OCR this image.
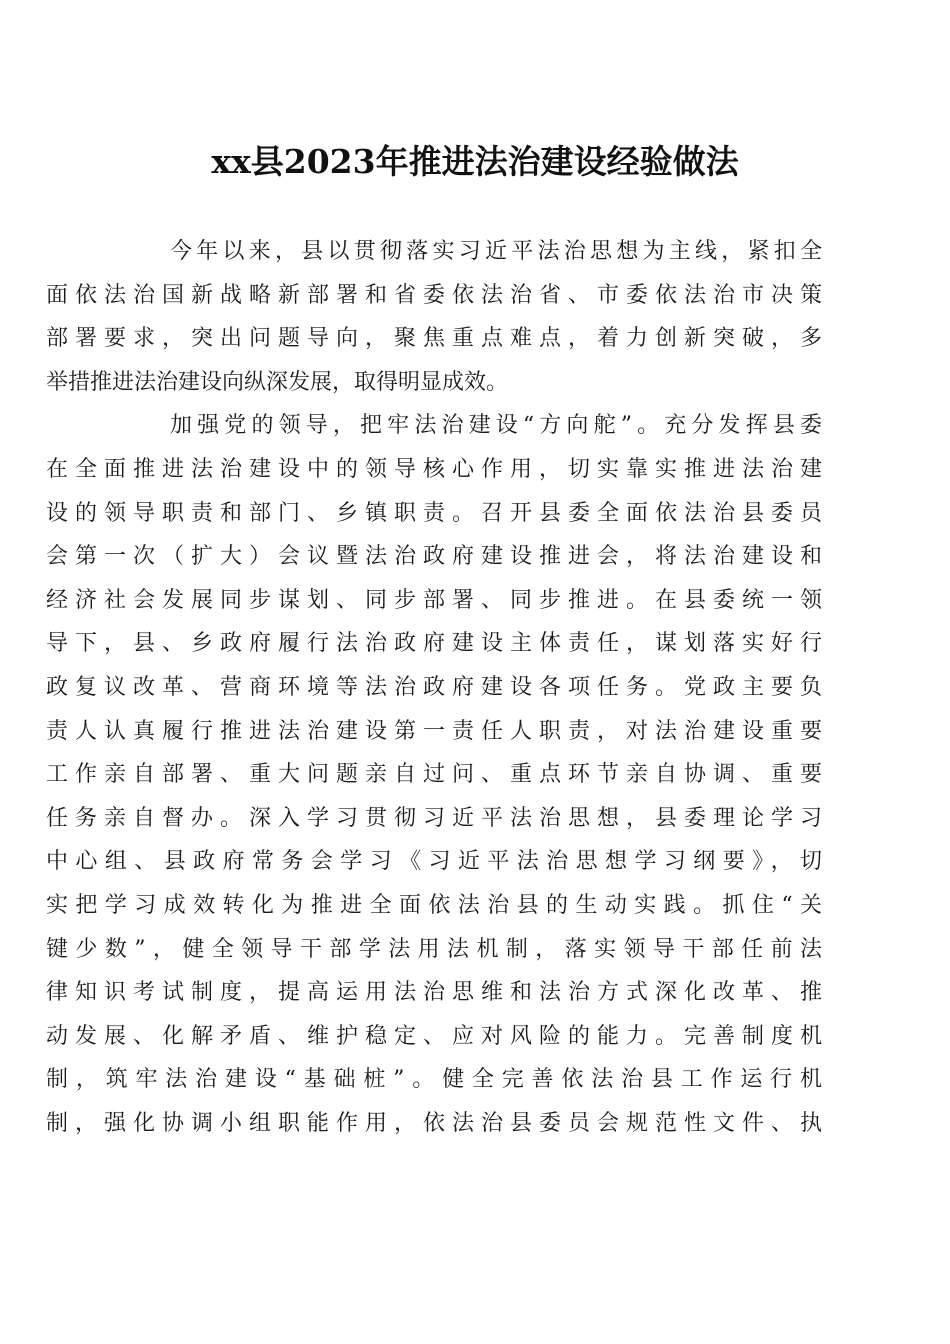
xx县2023年推进法治建设经验做法
今年以来，县以贯彻落实习近平法治思想为主线，紧扣全
面依法治国新战略新部署和省委依法治省、市委依法治市决策
部署要求，突出问题导向，聚焦重点难点，着力创新突破，多
举措推进法治建设向纵深发展，取得明显成效。
加强党的领导，把牢法治建设“方向舵”。充分发挥县委
在全面推进法治建设中的领导核心作用，切实靠实推进法治建
设的领导职责和部门、乡镇职责。召开县委全面依法治县委员
会第一次（扩大）会议暨法治政府建设推进会，将法治建设和
经济社会发展同步谋划、同步部署、同步推进。在县委统一领
导下，县、乡政府履行法治政府建设主体责任，谋划落实好行
政复议改革、营商环境等法治政府建设各项任务。党政主要负
责人认真履行推进法治建设第一责任人职责，对法治建设重要
工作亲自部署、重大问题亲自过问、重点环节亲自协调、重要
任务亲自督办。深入学习贯彻习近平法治思想，县委理论学习
中心组、县政府常务会学习《习近平法治思想学习纲要》，切
实把学习成效转化为推进全面依法治县的生动实践。抓住“关
键少数”，健全领导干部学法用法机制，落实领导干部任前法
律知识考试制度，提高运用法治思维和法治方式深化改革、推
动发展、化解矛盾、维护稳定、应对风险的能力。完善制度机
制，筑牢法治建设“基础桩”。健全完善依法治县工作运行机
制，强化协调小组职能作用，依法治县委员会规范性文件、执
